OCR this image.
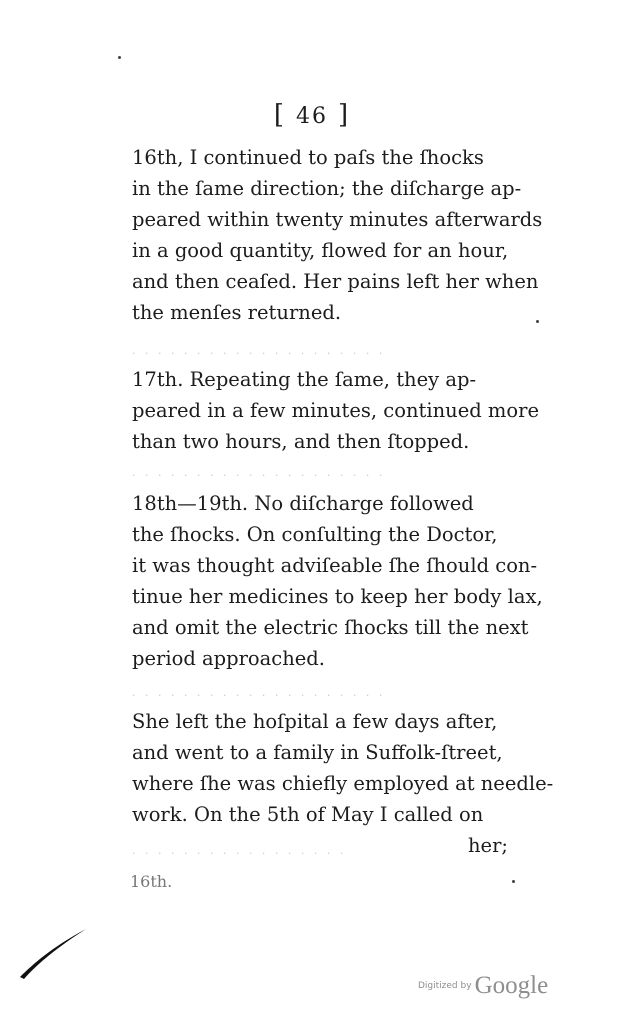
[ 46 ]
16th, I continued to paſs the ſhocks
in the ſame direction; the diſcharge ap-
peared within twenty minutes afterwards
in a good quantity, flowed for an hour,
and then ceaſed. Her pains left her when
the menſes returned.
17th. Repeating the ſame, they ap-
peared in a few minutes, continued more
than two hours, and then ſtopped.
18th—19th. No diſcharge followed
the ſhocks. On conſulting the Doctor,
it was thought adviſeable ſhe ſhould con-
tinue her medicines to keep her body lax,
and omit the electric ſhocks till the next
period approached.
She left the hoſpital a few days after,
and went to a family in Suffolk-ſtreet,
where ſhe was chiefly employed at needle-
work. On the 5th of May I called on
her;
· · · · · · · · · · · · · · · · · · · ·
· · · · · · · · · · · · · · · · · · · ·
· · · · · · · · · · · · · · · · · · · ·
· · · · · · · · · · · · · · · · ·
16th.
Digitized by Google
